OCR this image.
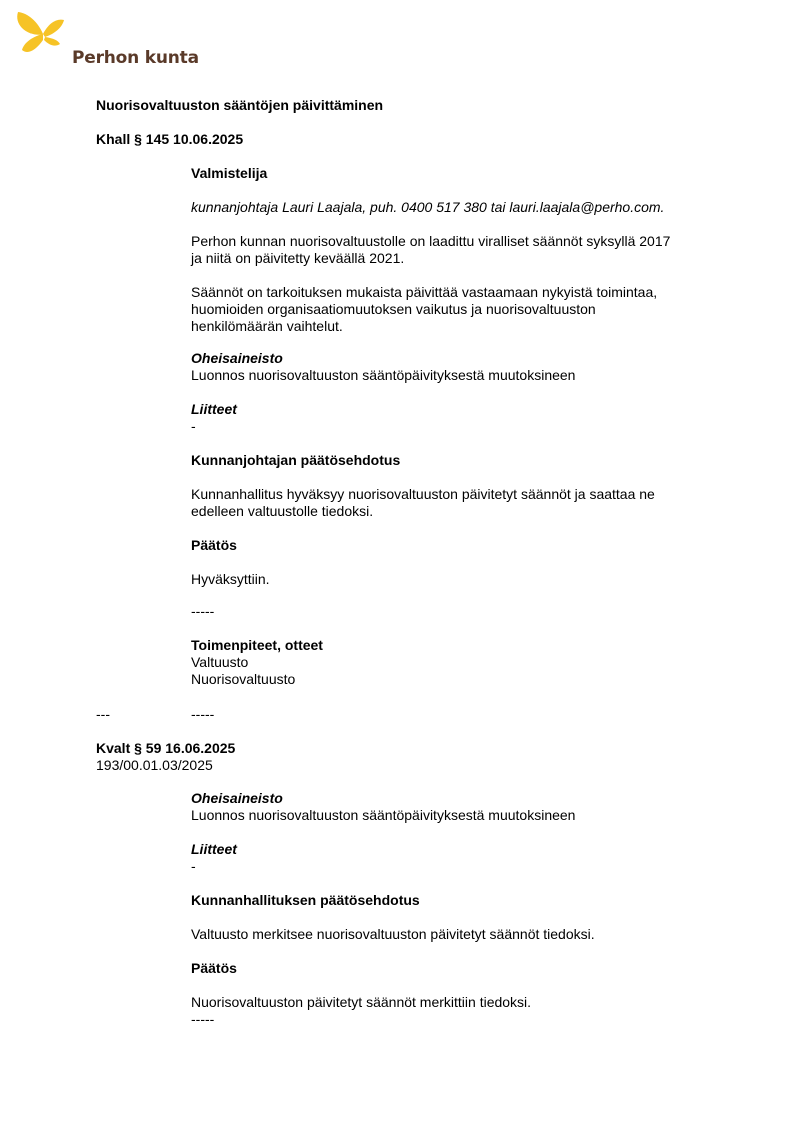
Perhon kunta
Nuorisovaltuuston sääntöjen päivittäminen
Khall § 145 10.06.2025
Valmistelija
kunnanjohtaja Lauri Laajala, puh. 0400 517 380 tai lauri.laajala@perho.com.
Perhon kunnan nuorisovaltuustolle on laadittu viralliset säännöt syksyllä 2017
ja niitä on päivitetty keväällä 2021.
Säännöt on tarkoituksen mukaista päivittää vastaamaan nykyistä toimintaa,
huomioiden organisaatiomuutoksen vaikutus ja nuorisovaltuuston
henkilömäärän vaihtelut.
Oheisaineisto
Luonnos nuorisovaltuuston sääntöpäivityksestä muutoksineen
Liitteet
-
Kunnanjohtajan päätösehdotus
Kunnanhallitus hyväksyy nuorisovaltuuston päivitetyt säännöt ja saattaa ne
edelleen valtuustolle tiedoksi.
Päätös
Hyväksyttiin.
-----
Toimenpiteet, otteet
Valtuusto
Nuorisovaltuusto
---	-----
Kvalt § 59 16.06.2025
193/00.01.03/2025
Oheisaineisto
Luonnos nuorisovaltuuston sääntöpäivityksestä muutoksineen
Liitteet
-
Kunnanhallituksen päätösehdotus
Valtuusto merkitsee nuorisovaltuuston päivitetyt säännöt tiedoksi.
Päätös
Nuorisovaltuuston päivitetyt säännöt merkittiin tiedoksi.
-----
